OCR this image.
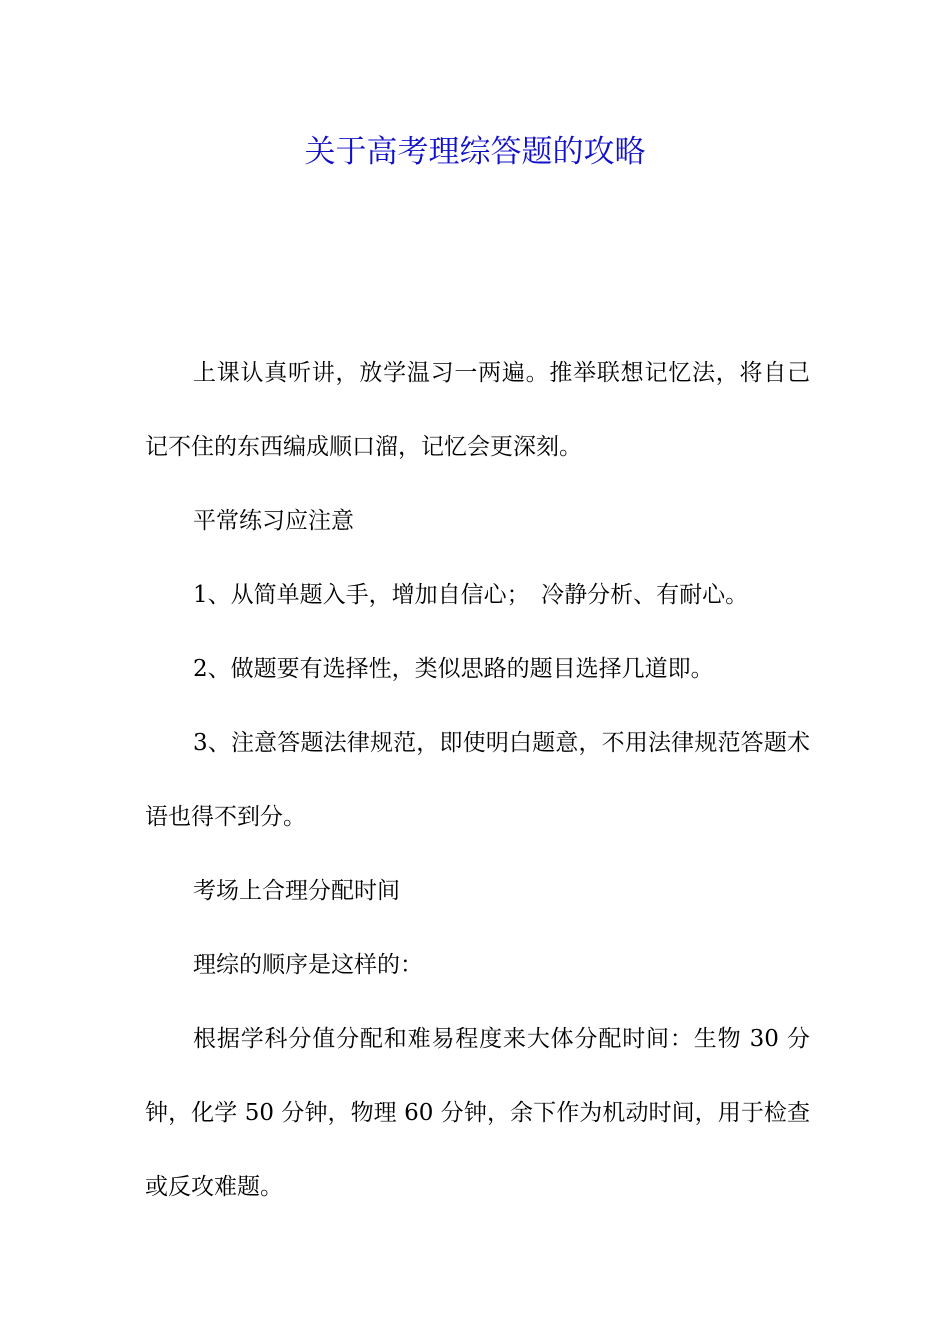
关于高考理综答题的攻略

上课认真听讲，放学温习一两遍。推举联想记忆法，将自己记不住的东西编成顺口溜，记忆会更深刻。

平常练习应注意

1、从简单题入手，增加自信心；　冷静分析、有耐心。

2、做题要有选择性，类似思路的题目选择几道即。

3、注意答题法律规范，即使明白题意，不用法律规范答题术语也得不到分。

考场上合理分配时间

理综的顺序是这样的：

根据学科分值分配和难易程度来大体分配时间：生物 30 分钟，化学 50 分钟，物理 60 分钟，余下作为机动时间，用于检查或反攻难题。
